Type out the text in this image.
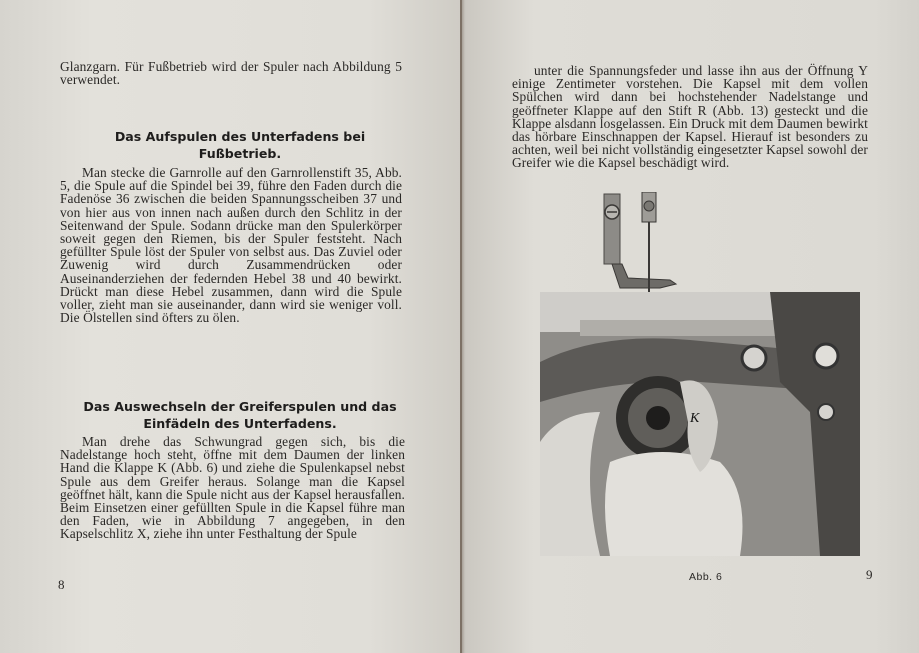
Glanzgarn. Für Fußbetrieb wird der Spuler nach Abbildung 5 verwendet.

Das Aufspulen des Unterfadens bei Fußbetrieb.

Man stecke die Garnrolle auf den Garnrollenstift 35, Abb. 5, die Spule auf die Spindel bei 39, führe den Faden durch die Fadenöse 36 zwischen die beiden Spannungsscheiben 37 und von hier aus von innen nach außen durch den Schlitz in der Seitenwand der Spule. Sodann drücke man den Spulerkörper soweit gegen den Riemen, bis der Spuler feststeht. Nach gefüllter Spule löst der Spuler von selbst aus. Das Zuviel oder Zuwenig wird durch Zusammendrücken oder Auseinanderziehen der federnden Hebel 38 und 40 bewirkt. Drückt man diese Hebel zusammen, dann wird die Spule voller, zieht man sie auseinander, dann wird sie weniger voll. Die Ölstellen sind öfters zu ölen.

Das Auswechseln der Greiferspulen und das Einfädeln des Unterfadens.

Man drehe das Schwungrad gegen sich, bis die Nadelstange hoch steht, öffne mit dem Daumen der linken Hand die Klappe K (Abb. 6) und ziehe die Spulenkapsel nebst Spule aus dem Greifer heraus. Solange man die Kapsel geöffnet hält, kann die Spule nicht aus der Kapsel herausfallen. Beim Einsetzen einer gefüllten Spule in die Kapsel führe man den Faden, wie in Abbildung 7 angegeben, in den Kapselschlitz X, ziehe ihn unter Festhaltung der Spule

8

unter die Spannungsfeder und lasse ihn aus der Öffnung Y einige Zentimeter vorstehen. Die Kapsel mit dem vollen Spülchen wird dann bei hochstehender Nadelstange und geöffneter Klappe auf den Stift R (Abb. 13) gesteckt und die Klappe alsdann losgelassen. Ein Druck mit dem Daumen bewirkt das hörbare Einschnappen der Kapsel. Hierauf ist besonders zu achten, weil bei nicht vollständig eingesetzter Kapsel sowohl der Greifer wie die Kapsel beschädigt wird.

K
Abb. 6	9
